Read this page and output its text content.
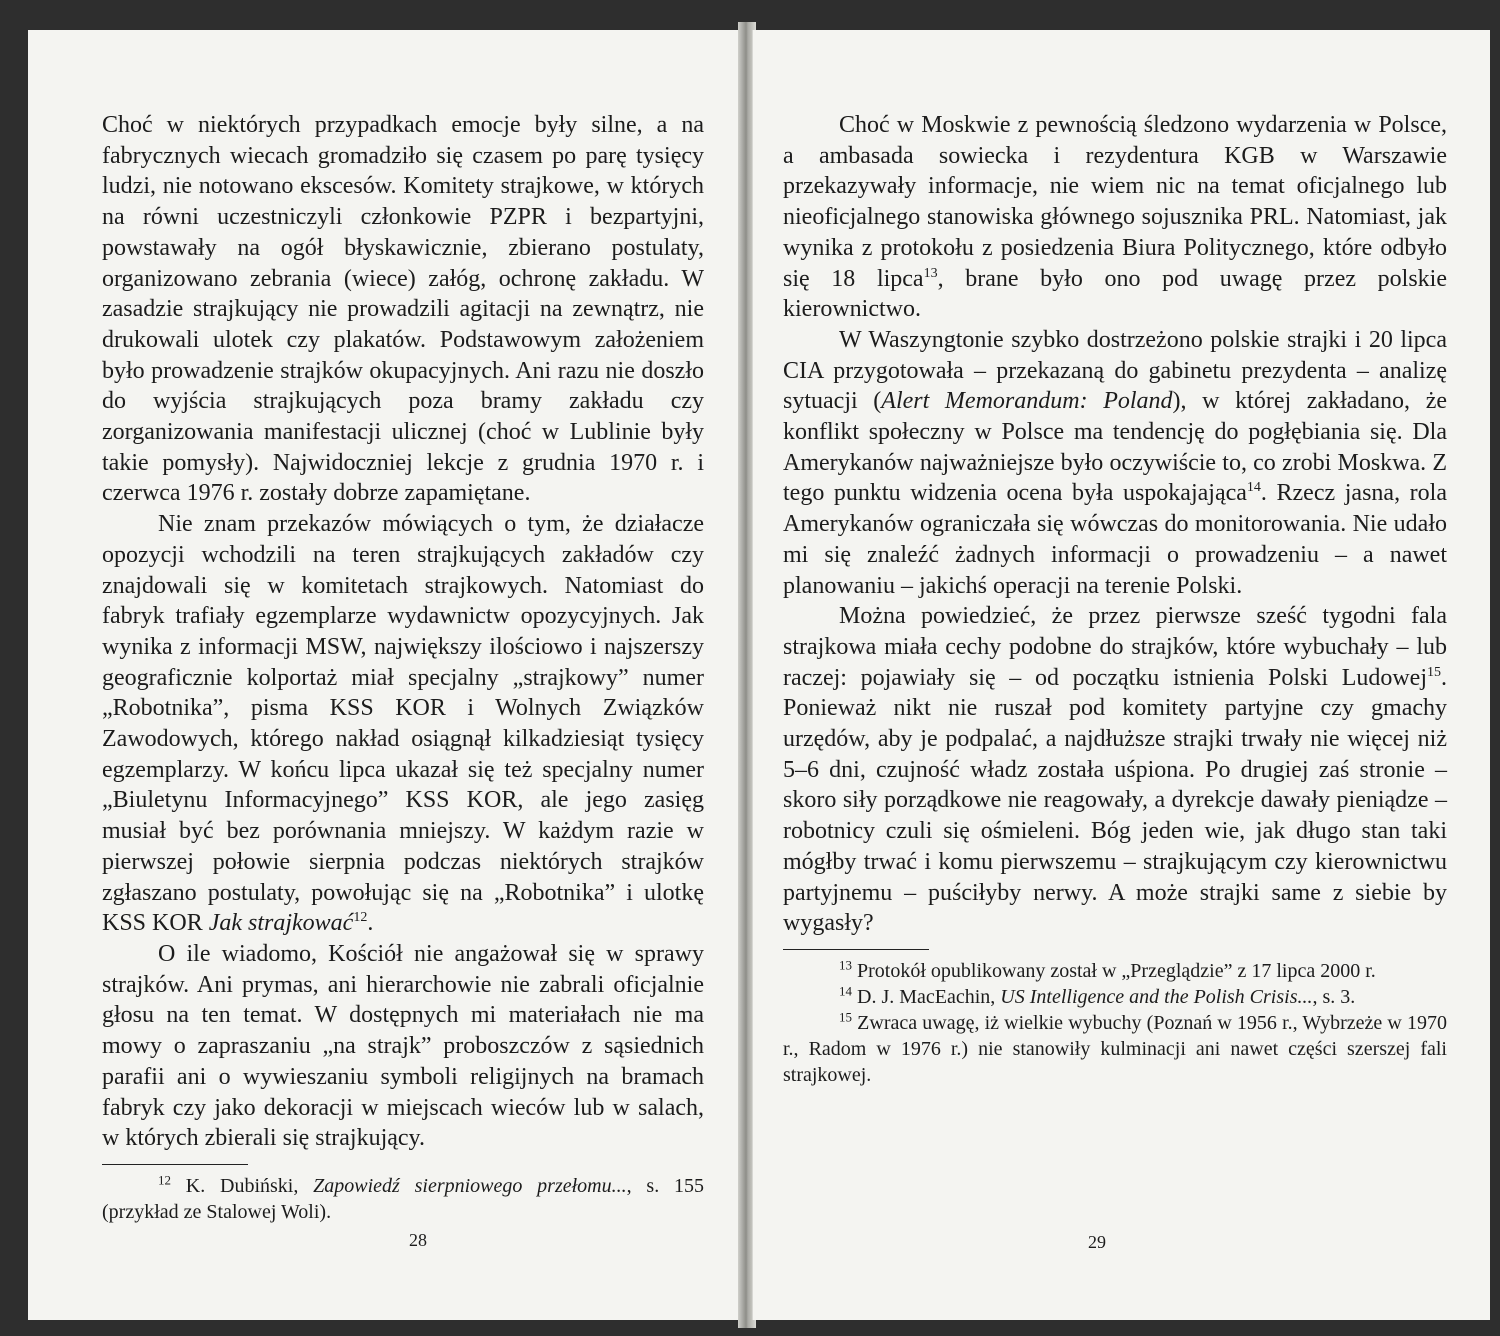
Choć w niektórych przypadkach emocje były silne, a na fabrycznych wiecach gromadziło się czasem po parę tysięcy ludzi, nie notowano ekscesów. Komitety strajkowe, w których na równi uczestniczyli członkowie PZPR i bezpartyjni, powstawały na ogół błyskawicznie, zbierano postulaty, organizowano zebrania (wiece) załóg, ochronę zakładu. W zasadzie strajkujący nie prowadzili agitacji na zewnątrz, nie drukowali ulotek czy plakatów. Podstawowym założeniem było prowadzenie strajków okupacyjnych. Ani razu nie doszło do wyjścia strajkujących poza bramy zakładu czy zorganizowania manifestacji ulicznej (choć w Lublinie były takie pomysły). Najwidoczniej lekcje z grudnia 1970 r. i czerwca 1976 r. zostały dobrze zapamiętane.

Nie znam przekazów mówiących o tym, że działacze opozycji wchodzili na teren strajkujących zakładów czy znajdowali się w komitetach strajkowych. Natomiast do fabryk trafiały egzemplarze wydawnictw opozycyjnych. Jak wynika z informacji MSW, największy ilościowo i najszerszy geograficznie kolportaż miał specjalny „strajkowy” numer „Robotnika”, pisma KSS KOR i Wolnych Związków Zawodowych, którego nakład osiągnął kilkadziesiąt tysięcy egzemplarzy. W końcu lipca ukazał się też specjalny numer „Biuletynu Informacyjnego” KSS KOR, ale jego zasięg musiał być bez porównania mniejszy. W każdym razie w pierwszej połowie sierpnia podczas niektórych strajków zgłaszano postulaty, powołując się na „Robotnika” i ulotkę KSS KOR Jak strajkować$^{12}$.

O ile wiadomo, Kościół nie angażował się w sprawy strajków. Ani prymas, ani hierarchowie nie zabrali oficjalnie głosu na ten temat. W dostępnych mi materiałach nie ma mowy o zapraszaniu „na strajk” proboszczów z sąsiednich parafii ani o wywieszaniu symboli religijnych na bramach fabryk czy jako dekoracji w miejscach wieców lub w salach, w których zbierali się strajkujący.

$^{12}$ K. Dubiński, Zapowiedź sierpniowego przełomu..., s. 155 (przykład ze Stalowej Woli).

28

Choć w Moskwie z pewnością śledzono wydarzenia w Polsce, a ambasada sowiecka i rezydentura KGB w Warszawie przekazywały informacje, nie wiem nic na temat oficjalnego lub nieoficjalnego stanowiska głównego sojusznika PRL. Natomiast, jak wynika z protokołu z posiedzenia Biura Politycznego, które odbyło się 18 lipca$^{13}$, brane było ono pod uwagę przez polskie kierownictwo.

W Waszyngtonie szybko dostrzeżono polskie strajki i 20 lipca CIA przygotowała – przekazaną do gabinetu prezydenta – analizę sytuacji (Alert Memorandum: Poland), w której zakładano, że konflikt społeczny w Polsce ma tendencję do pogłębiania się. Dla Amerykanów najważniejsze było oczywiście to, co zrobi Moskwa. Z tego punktu widzenia ocena była uspokajająca$^{14}$. Rzecz jasna, rola Amerykanów ograniczała się wówczas do monitorowania. Nie udało mi się znaleźć żadnych informacji o prowadzeniu – a nawet planowaniu – jakichś operacji na terenie Polski.

Można powiedzieć, że przez pierwsze sześć tygodni fala strajkowa miała cechy podobne do strajków, które wybuchały – lub raczej: pojawiały się – od początku istnienia Polski Ludowej$^{15}$. Ponieważ nikt nie ruszał pod komitety partyjne czy gmachy urzędów, aby je podpalać, a najdłuższe strajki trwały nie więcej niż 5–6 dni, czujność władz została uśpiona. Po drugiej zaś stronie – skoro siły porządkowe nie reagowały, a dyrekcje dawały pieniądze – robotnicy czuli się ośmieleni. Bóg jeden wie, jak długo stan taki mógłby trwać i komu pierwszemu – strajkującym czy kierownictwu partyjnemu – puściłyby nerwy. A może strajki same z siebie by wygasły?

$^{13}$ Protokół opublikowany został w „Przeglądzie” z 17 lipca 2000 r.

$^{14}$ D. J. MacEachin, US Intelligence and the Polish Crisis..., s. 3.

$^{15}$ Zwraca uwagę, iż wielkie wybuchy (Poznań w 1956 r., Wybrzeże w 1970 r., Radom w 1976 r.) nie stanowiły kulminacji ani nawet części szerszej fali strajkowej.

29
